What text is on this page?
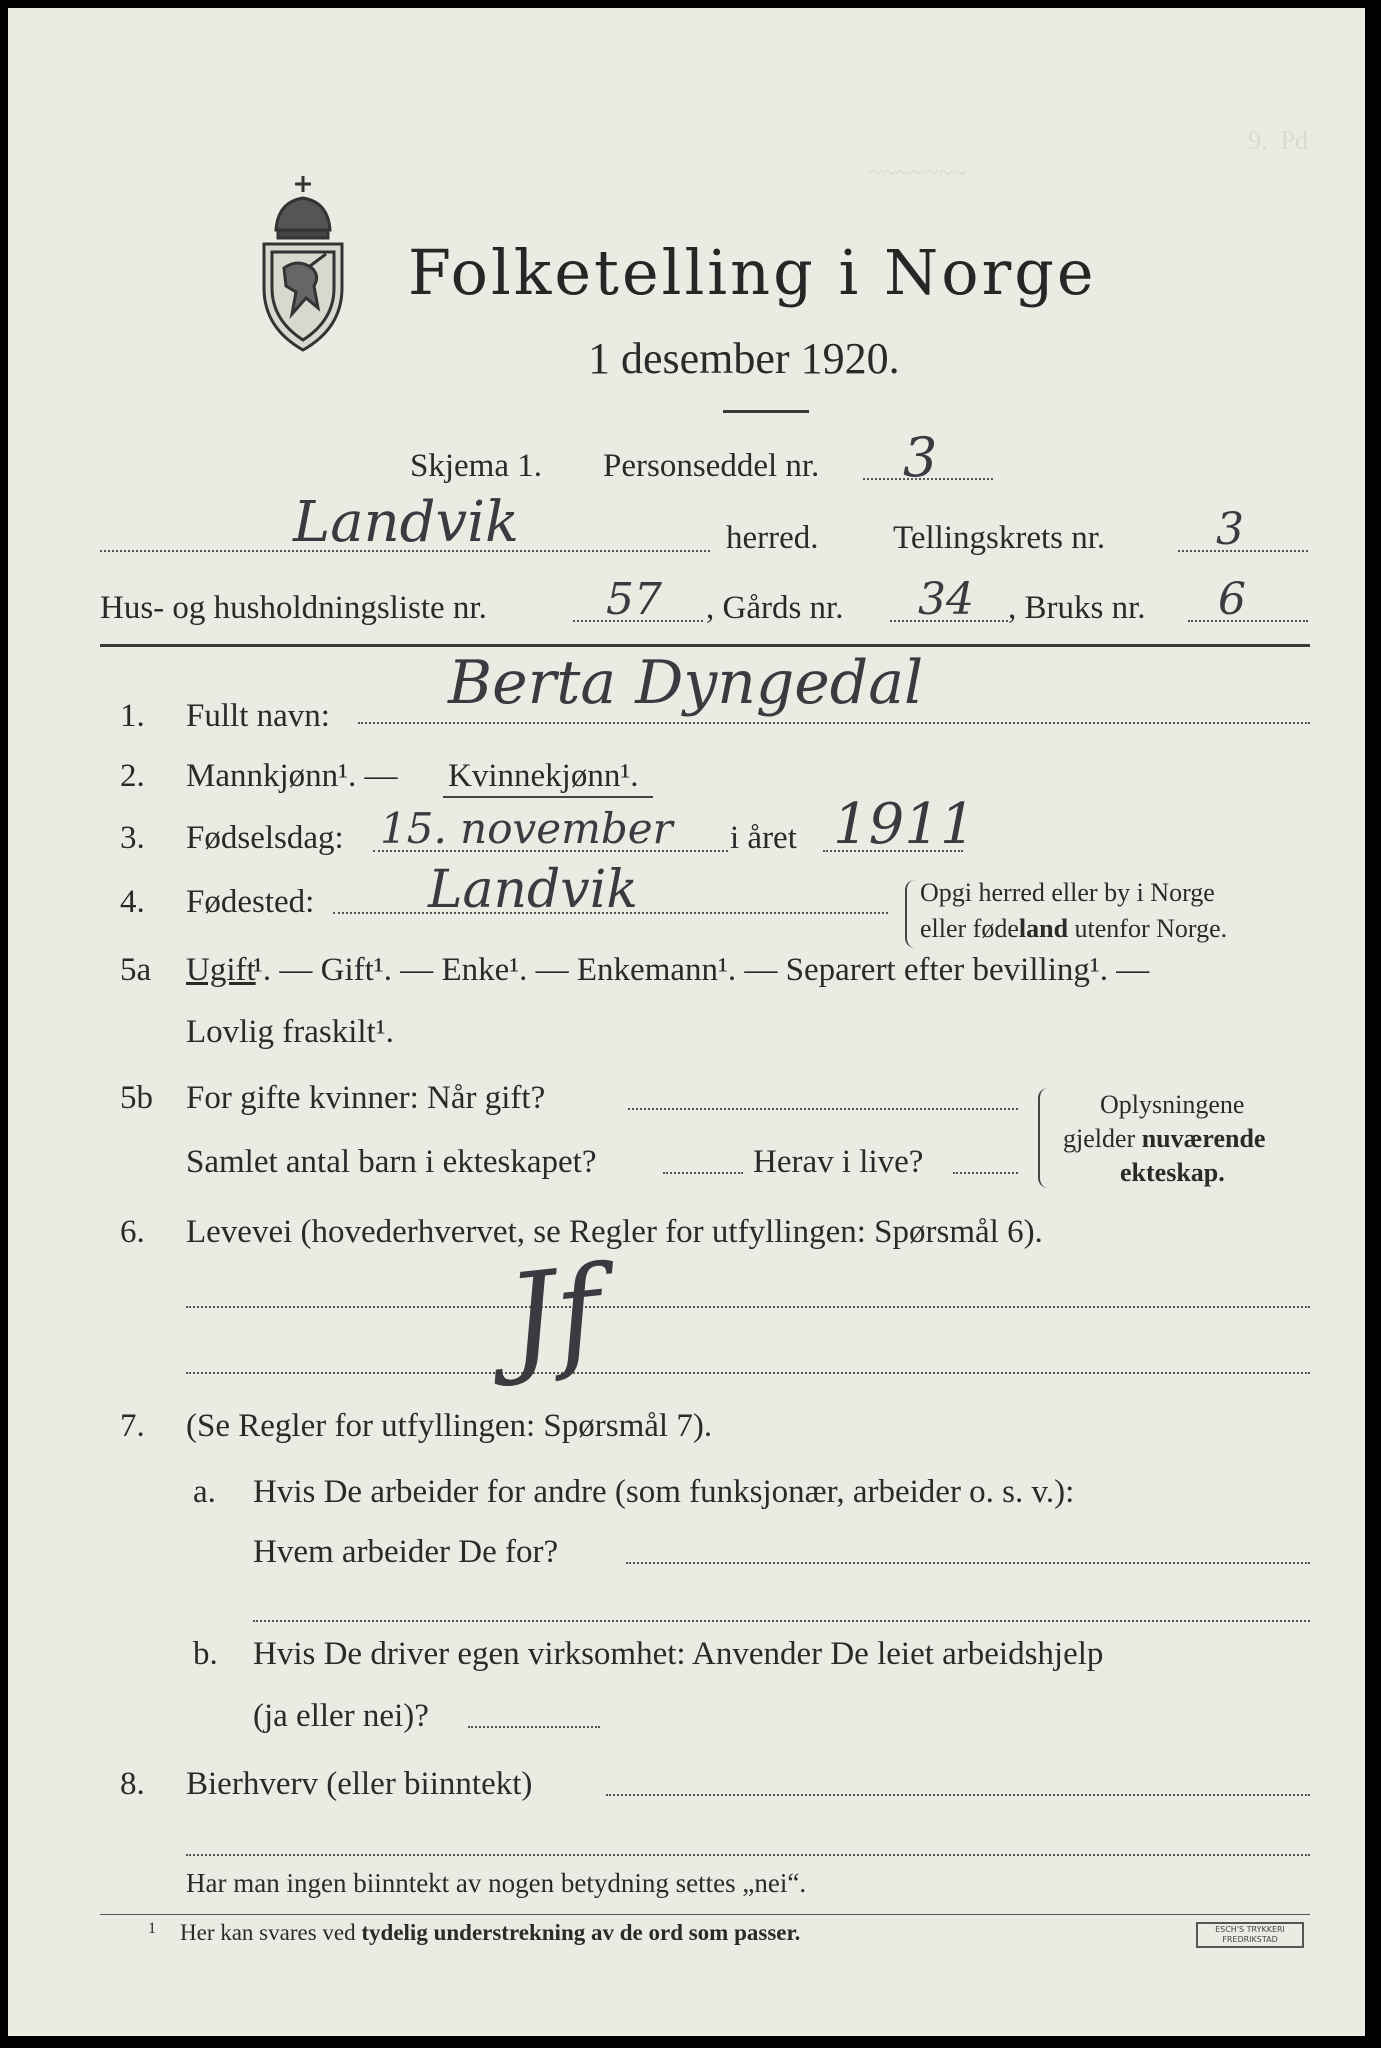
9.  Pd
~~~~~~~
Folketelling i Norge
1 desember 1920.
Skjema 1. Personseddel nr. 3
Landvik	herred. Tellingskrets nr.	3
Hus- og husholdningsliste nr.	57 , Gårds nr. 34 , Bruks nr. 6
1. Fullt navn: Berta Dyngedal
2. Mannkjønn¹. — Kvinnekjønn¹.
3. Fødselsdag: 15. november i året 1911
4. Fødested: Landvik	Opgi herred eller by i Norge
eller fødeland utenfor Norge.
5a Ugift
¹. — Gift¹. — Enke¹. — Enkemann¹. — Separert efter bevilling¹. —
Lovlig fraskilt¹.
5b For gifte kvinner: Når gift?
Samlet antal barn i ekteskapet?	Herav i live?
Oplysningene
gjelder nuværende
ekteskap.
6. Levevei (hovederhvervet, se Regler for utfyllingen: Spørsmål 6).
Jf
7. (Se Regler for utfyllingen: Spørsmål 7).
a. Hvis De arbeider for andre (som funksjonær, arbeider o. s. v.):
Hvem arbeider De for?
b. Hvis De driver egen virksomhet: Anvender De leiet arbeidshjelp
(ja eller nei)?
8. Bierhverv (eller biinntekt)
Har man ingen biinntekt av nogen betydning settes „nei“.
1 Her kan svares ved tydelig understrekning av de ord som passer.	ESCH'S TRYKKERI
FREDRIKSTAD
